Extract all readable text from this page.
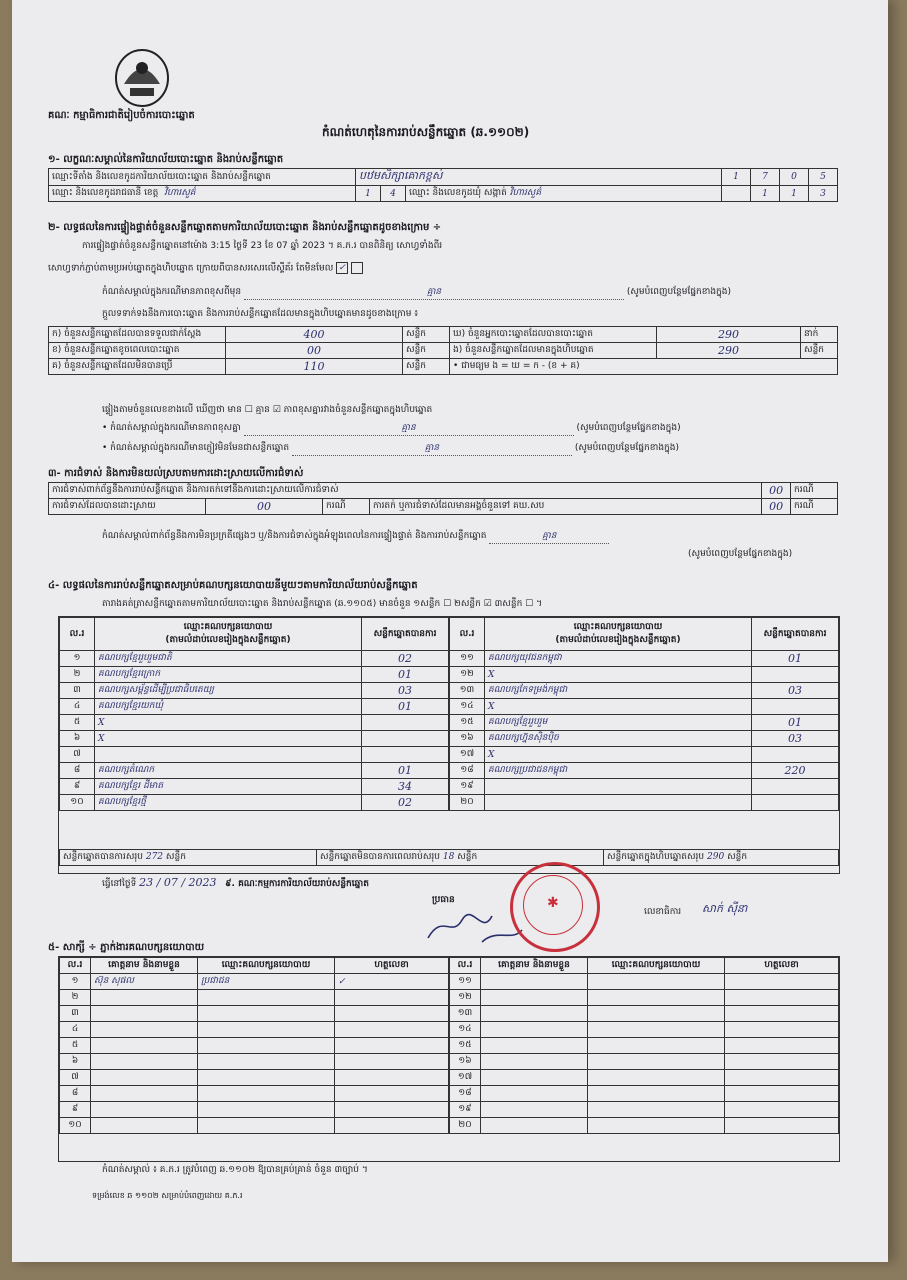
គណៈ កម្មាធិការជាតិរៀបចំការបោះឆ្នោត
កំណត់ហេតុនៃការរាប់សន្លឹកឆ្នោត (ឆ.១១០២)
១- លក្ខណៈសម្គាល់នៃការិយាល័យបោះឆ្នោត និងរាប់សន្លឹកឆ្នោត
ឈ្មោះទីតាំង និងលេខកូដការិយាល័យបោះឆ្នោត និងរាប់សន្លឹកឆ្នោត	បឋមសិក្សាគោកខ្ពស់			1	7	0	5
ឈ្មោះ និងលេខកូដរាជធានី ខេត្ត វិហារសួគ៌	1	4	ឈ្មោះ និងលេខកូដឃុំ សង្កាត់ វិហារសួគ៌		1	1	3
២- លទ្ធផលនៃការផ្ទៀងផ្ទាត់ចំនួនសន្លឹកឆ្នោតតាមការិយាល័យបោះឆ្នោត និងរាប់សន្លឹកឆ្នោតដូចខាងក្រោម ÷
ការផ្ទៀងផ្ទាត់ចំនួនសន្លឹកឆ្នោតនៅម៉ោង 3:15 ថ្ងៃទី 23 ខែ 07 ឆ្នាំ 2023 ។ គ.ភ.រ បានពិនិត្យ សោហ្វទាំងពីរ
សោហ្វទាក់ភ្ជាប់តាមប្រអប់ឆ្នោតក្នុងហិបឆ្នោត ក្រោយពីបានសរសេរលើស្ទីគ័រ តែមិនមែល ✓
កំណត់សម្គាល់ក្នុងករណីមានភាពខុសពីមុន	គ្មាន	(សូមបំពេញបន្ថែមផ្នែកខាងក្នុង)
ក្ដួលទទាក់ទងនឹងការបោះឆ្នោត និងការរាប់សន្លឹកឆ្នោតដែលមានក្នុងហិបឆ្នោតមានដូចខាងក្រោម ៖
ក) ចំនួនសន្លឹកឆ្នោតដែលបានទទួលជាក់ស្ដែង	400	សន្លឹក	ឃ) ចំនួនអ្នកបោះឆ្នោតដែលបានបោះឆ្នោត	290	នាក់
ខ) ចំនួនសន្លឹកឆ្នោតខូចពេលបោះឆ្នោត	00	សន្លឹក	ង) ចំនួនសន្លឹកឆ្នោតដែលមានក្នុងហិបឆ្នោត	290	សន្លឹក
គ) ចំនួនសន្លឹកឆ្នោតដែលមិនបានប្រើ	110	សន្លឹក	• ជាមធ្យម ង = ឃ = ក - (ខ + គ)		
ផ្ទៀងតាមចំនួនលេខខាងលើ ឃើញថា មាន ☐ គ្មាន ☑ ភាពខុសគ្នារវាងចំនួនសន្លឹកឆ្នោតក្នុងហិបឆ្នោត
• កំណត់សម្គាល់ក្នុងករណីមានភាពខុសគ្នា	គ្មាន	(សូមបំពេញបន្ថែមផ្នែកខាងក្នុង)
• កំណត់សម្គាល់ក្នុងករណីមានភ្ញៀវមិនមែនជាសន្លឹកឆ្នោត	គ្មាន	(សូមបំពេញបន្ថែមផ្នែកខាងក្នុង)
៣- ការជំទាស់ និងការមិនយល់ស្របតាមការដោះស្រាយលើការជំទាស់
ការជំទាស់ពាក់ព័ន្ធនឹងការរាប់សន្លឹកឆ្នោត និងការតក់ទៅនឹងការដោះស្រាយលើការជំទាស់				00	ករណី
ការជំទាស់ដែលបានដោះស្រាយ	00	ករណី	ការតក់ ឬការជំទាស់ដែលមានអង្គចំនួនទៅ គឃ.សប	00	ករណី
កំណត់សម្គាល់ពាក់ព័ន្ធនឹងការមិនប្រក្រតីផ្សេងៗ ឬ/និងការជំទាស់ក្នុងអំឡុងពេលនៃការផ្ទៀងផ្ទាត់ និងការរាប់សន្លឹកឆ្នោត	គ្មាន
(សូមបំពេញបន្ថែមផ្នែកខាងក្នុង)
៤- លទ្ធផលនៃការរាប់សន្លឹកឆ្នោតសម្រាប់គណបក្សនយោបាយនីមួយៗតាមការិយាល័យរាប់សន្លឹកឆ្នោត
តារាងគត់ត្រាសន្លឹកឆ្នោតតាមការិយាល័យបោះឆ្នោត និងរាប់សន្លឹកឆ្នោត (ឆ.១១០៥) មានចំនួន ១សន្លឹក ☐ ២សន្លឹក ☑ ៣សន្លឹក ☐ ។
ល.រ	ឈ្មោះគណបក្សនយោបាយ
(តាមលំដាប់លេខរៀងក្នុងសន្លឹកឆ្នោត)	សន្លឹកឆ្នោតបានការ
១	គណបក្សខ្មែររួបរួមជាតិ	02
២	គណបក្សខ្មែរក្រោក	01
៣	គណបក្សសម្ព័ន្ធដើម្បីប្រជាធិបតេយ្យ	03
៤	គណបក្សខ្មែរយកឃុំ	01
៥	X	
៦	X	
៧		
៨	គណបក្សតំណេក	01
៩	គណបក្សខ្មែរ ដីមាត	34
១០	គណបក្សខ្មែរថ្មី	02
ល.រ	ឈ្មោះគណបក្សនយោបាយ
(តាមលំដាប់លេខរៀងក្នុងសន្លឹកឆ្នោត)	សន្លឹកឆ្នោតបានការ
១១	គណបក្សយុវជនកម្ពុជា	01
១២	X	
១៣	គណបក្សកែទម្រង់កម្ពុជា	03
១៤	X	
១៥	គណបក្សខ្មែររួបរួម	01
១៦	គណបក្សហ្វ៊ុនស៊ិនប៉ិច	03
១៧	X	
១៨	គណបក្សប្រជាជនកម្ពុជា	220
១៩		
២០		
សន្លឹកឆ្នោតបានការសរុប 272 សន្លឹក	សន្លឹកឆ្នោតមិនបានការពេលរាប់សរុប 18 សន្លឹក	សន្លឹកឆ្នោតក្នុងហិបឆ្នោតសរុប 290 សន្លឹក
ធ្វើនៅថ្ងៃទី 23 / 07 / 2023 ៩. គណៈកម្មការការិយាល័យរាប់សន្លឹកឆ្នោត
ប្រធាន	✱
លេខាធិការ សាក់ ស៊ីនា
៥- សាក្សី ÷ ភ្នាក់ងារគណបក្សនយោបាយ
ល.រ	គោត្តនាម និងនាមខ្លួន	ឈ្មោះគណបក្សនយោបាយ	ហត្ថលេខា
១	ស៊ុន សុផល	ប្រជាជន	✓
២			
៣			
៤			
៥			
៦			
៧			
៨			
៩			
១០			
ល.រ	គោត្តនាម និងនាមខ្លួន	ឈ្មោះគណបក្សនយោបាយ	ហត្ថលេខា
១១			
១២			
១៣			
១៤			
១៥			
១៦			
១៧			
១៨			
១៩			
២០			
កំណត់សម្គាល់ ៖ គ.ភ.រ ត្រូវបំពេញ ឆ.១១០២ ឱ្យបានគ្រប់គ្រាន់ ចំនួន ៣ច្បាប់ ។
ទម្រង់លេខ ឆ ១១០២ សម្រាប់បំពេញដោយ គ.ភ.រ
